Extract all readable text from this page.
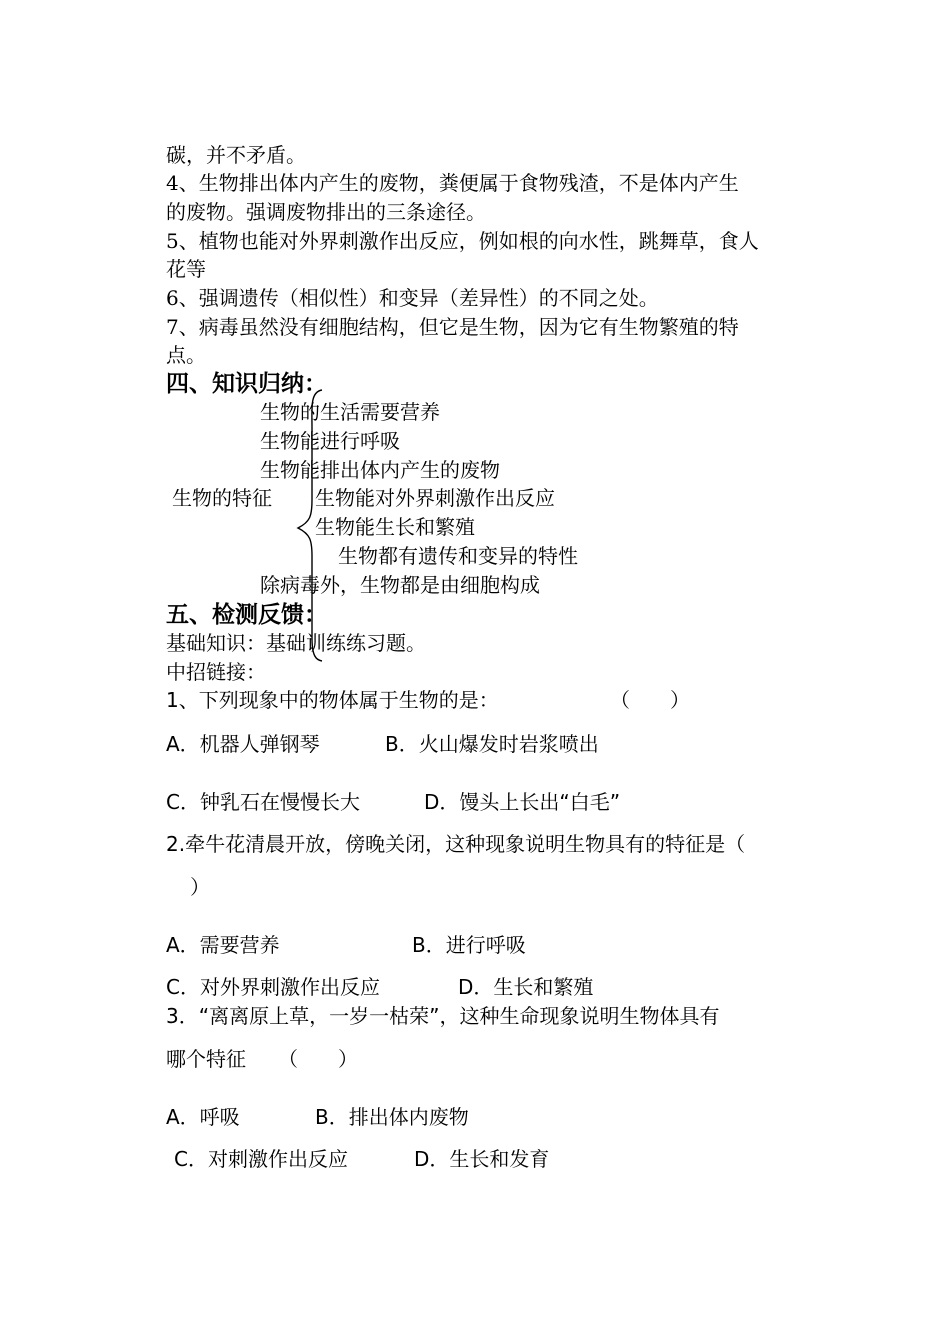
碳，并不矛盾。
4、生物排出体内产生的废物，粪便属于食物残渣，不是体内产生
的废物。强调废物排出的三条途径。
5、植物也能对外界刺激作出反应，例如根的向水性，跳舞草，食人
花等
6、强调遗传（相似性）和变异（差异性）的不同之处。
7、病毒虽然没有细胞结构，但它是生物，因为它有生物繁殖的特
点。
四、知识归纳：
生物的生活需要营养
生物能进行呼吸
生物能排出体内产生的废物
生物的特征 生物能对外界刺激作出反应
生物能生长和繁殖
生物都有遗传和变异的特性
除病毒外，生物都是由细胞构成
五、检测反馈：
基础知识：基础训练练习题。
中招链接：
1、下列现象中的物体属于生物的是：	（　　）
A．机器人弹钢琴	B．火山爆发时岩浆喷出
C．钟乳石在慢慢长大	D．馒头上长出“白毛”
2.牵牛花清晨开放，傍晚关闭，这种现象说明生物具有的特征是（
）
A．需要营养	B．进行呼吸
C．对外界刺激作出反应	D．生长和繁殖
3．“离离原上草，一岁一枯荣”，这种生命现象说明生物体具有
哪个特征 （　　）
A．呼吸	B．排出体内废物
C．对刺激作出反应	D．生长和发育
